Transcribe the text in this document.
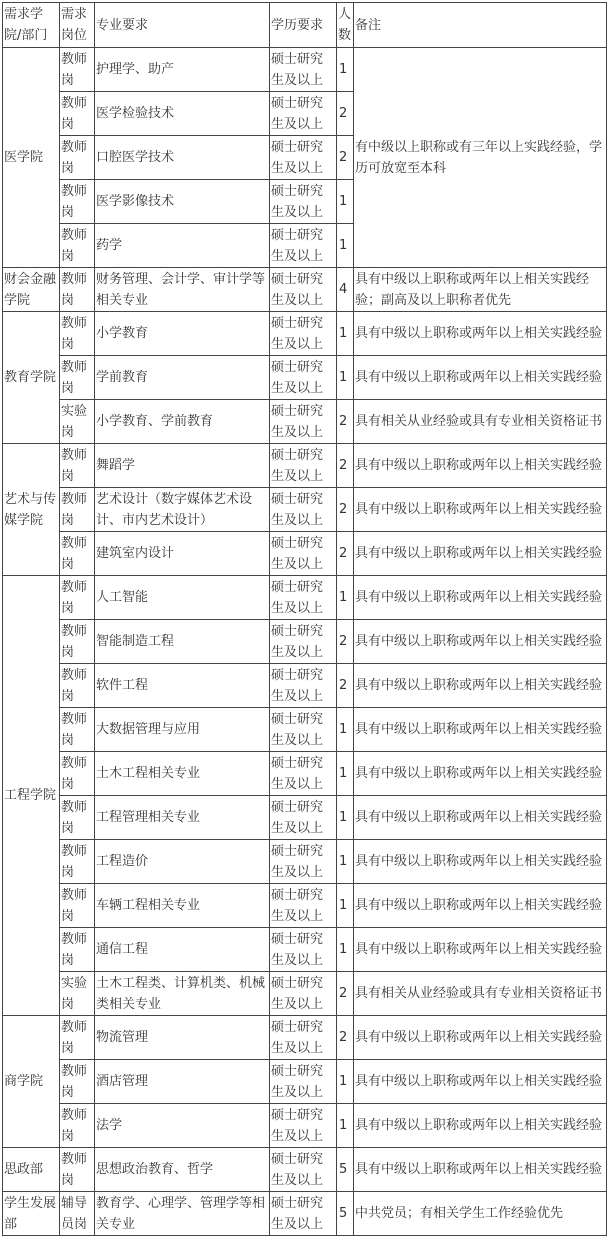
需求学院/部门	需求岗位	专业要求	学历要求	人数	备注
医学院	教师岗	护理学、助产	硕士研究生及以上	1	有中级以上职称或有三年以上实践经验，学历可放宽至本科
	教师岗	医学检验技术	硕士研究生及以上	2	
	教师岗	口腔医学技术	硕士研究生及以上	2	
	教师岗	医学影像技术	硕士研究生及以上	1	
	教师岗	药学	硕士研究生及以上	1	
财会金融学院	教师岗	财务管理、会计学、审计学等相关专业	硕士研究生及以上	4	具有中级以上职称或两年以上相关实践经验；副高及以上职称者优先
教育学院	教师岗	小学教育	硕士研究生及以上	1	具有中级以上职称或两年以上相关实践经验
	教师岗	学前教育	硕士研究生及以上	1	具有中级以上职称或两年以上相关实践经验
	实验岗	小学教育、学前教育	硕士研究生及以上	2	具有相关从业经验或具有专业相关资格证书
艺术与传媒学院	教师岗	舞蹈学	硕士研究生及以上	2	具有中级以上职称或两年以上相关实践经验
	教师岗	艺术设计（数字媒体艺术设计、市内艺术设计）	硕士研究生及以上	2	具有中级以上职称或两年以上相关实践经验
	教师岗	建筑室内设计	硕士研究生及以上	2	具有中级以上职称或两年以上相关实践经验
工程学院	教师岗	人工智能	硕士研究生及以上	1	具有中级以上职称或两年以上相关实践经验
	教师岗	智能制造工程	硕士研究生及以上	2	具有中级以上职称或两年以上相关实践经验
	教师岗	软件工程	硕士研究生及以上	2	具有中级以上职称或两年以上相关实践经验
	教师岗	大数据管理与应用	硕士研究生及以上	1	具有中级以上职称或两年以上相关实践经验
	教师岗	土木工程相关专业	硕士研究生及以上	1	具有中级以上职称或两年以上相关实践经验
	教师岗	工程管理相关专业	硕士研究生及以上	1	具有中级以上职称或两年以上相关实践经验
	教师岗	工程造价	硕士研究生及以上	1	具有中级以上职称或两年以上相关实践经验
	教师岗	车辆工程相关专业	硕士研究生及以上	1	具有中级以上职称或两年以上相关实践经验
	教师岗	通信工程	硕士研究生及以上	1	具有中级以上职称或两年以上相关实践经验
	实验岗	土木工程类、计算机类、机械类相关专业	硕士研究生及以上	2	具有相关从业经验或具有专业相关资格证书
商学院	教师岗	物流管理	硕士研究生及以上	2	具有中级以上职称或两年以上相关实践经验
	教师岗	酒店管理	硕士研究生及以上	1	具有中级以上职称或两年以上相关实践经验
	教师岗	法学	硕士研究生及以上	1	具有中级以上职称或两年以上相关实践经验
思政部	教师岗	思想政治教育、哲学	硕士研究生及以上	5	具有中级以上职称或两年以上相关实践经验
学生发展部	辅导员岗	教育学、心理学、管理学等相关专业	硕士研究生及以上	5	中共党员；有相关学生工作经验优先
